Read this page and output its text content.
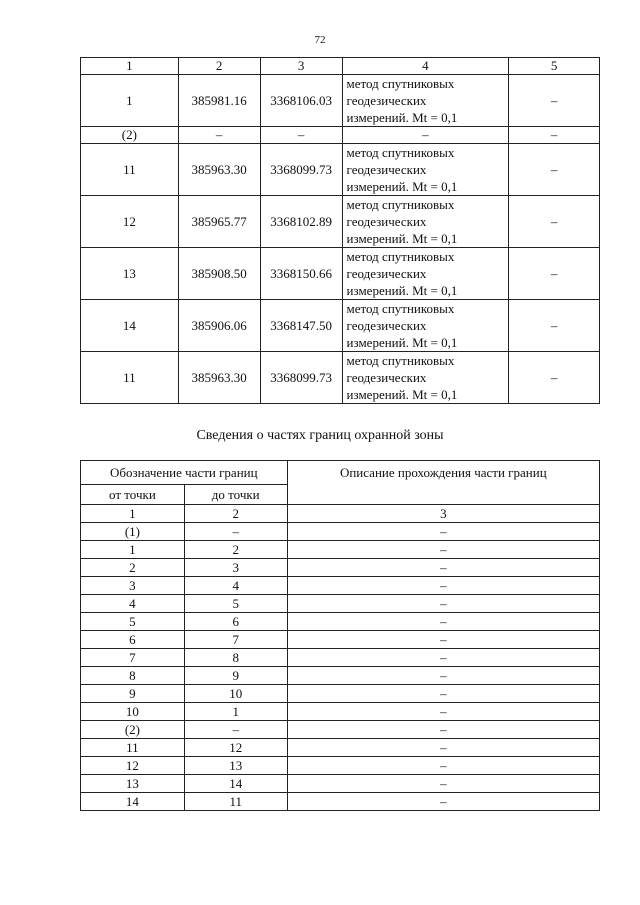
72
1	2	3	4	5
1	385981.16	3368106.03	метод спутниковых
геодезических
измерений. Mt = 0,1	–
(2)	–	–	–	–
11	385963.30	3368099.73	метод спутниковых
геодезических
измерений. Mt = 0,1	–
12	385965.77	3368102.89	метод спутниковых
геодезических
измерений. Mt = 0,1	–
13	385908.50	3368150.66	метод спутниковых
геодезических
измерений. Mt = 0,1	–
14	385906.06	3368147.50	метод спутниковых
геодезических
измерений. Mt = 0,1	–
11	385963.30	3368099.73	метод спутниковых
геодезических
измерений. Mt = 0,1	–
Сведения о частях границ охранной зоны
Обозначение части границ		Описание прохождения части границ
от точки	до точки	
1	2	3
(1)	–	–
1	2	–
2	3	–
3	4	–
4	5	–
5	6	–
6	7	–
7	8	–
8	9	–
9	10	–
10	1	–
(2)	–	–
11	12	–
12	13	–
13	14	–
14	11	–
